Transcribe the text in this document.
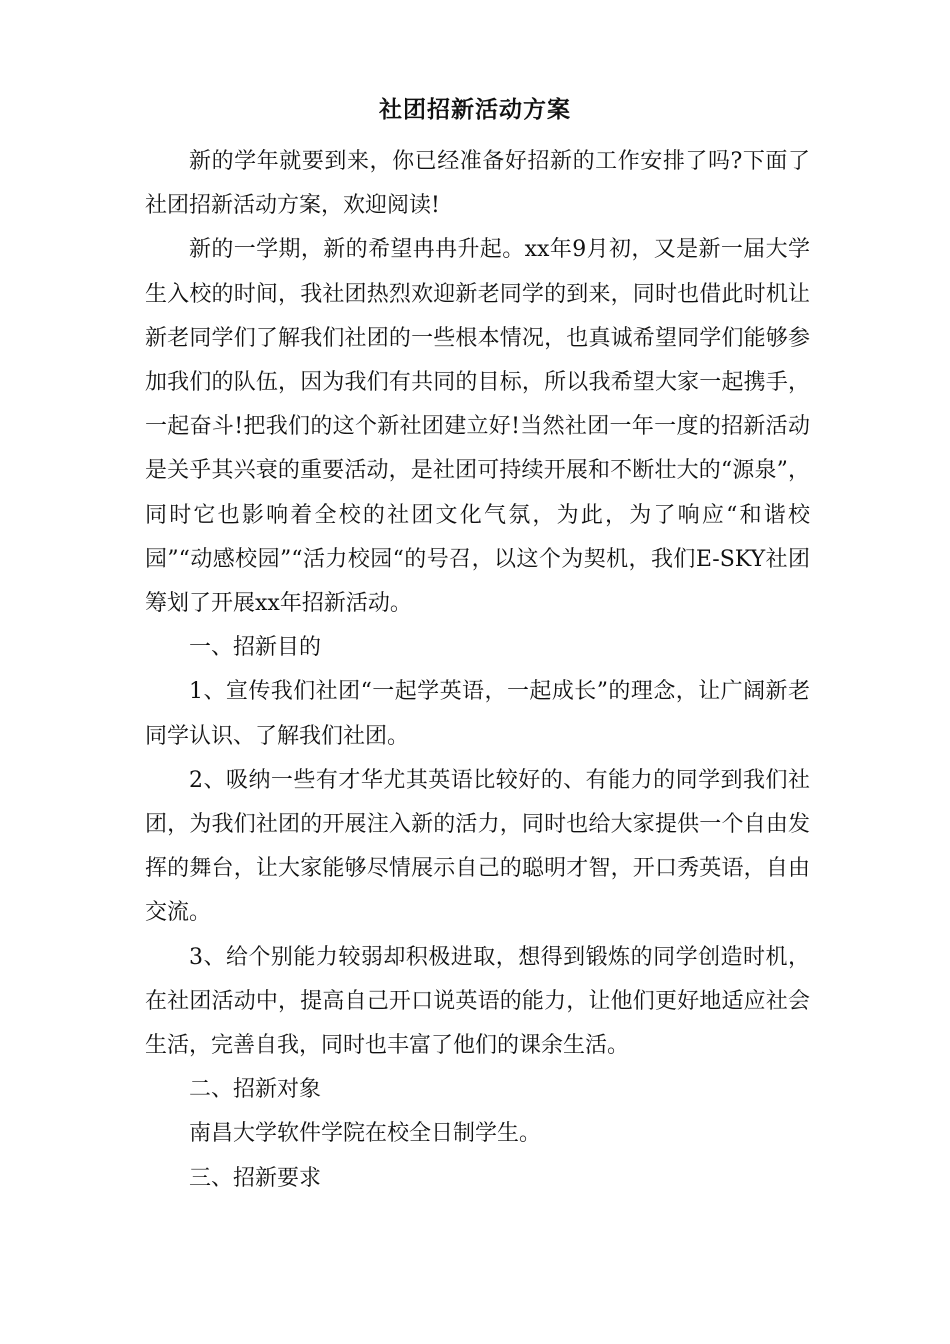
社团招新活动方案

新的学年就要到来，你已经准备好招新的工作安排了吗?下面了社团招新活动方案，欢迎阅读!

新的一学期，新的希望冉冉升起。xx年9月初，又是新一届大学生入校的时间，我社团热烈欢迎新老同学的到来，同时也借此时机让新老同学们了解我们社团的一些根本情况，也真诚希望同学们能够参加我们的队伍，因为我们有共同的目标，所以我希望大家一起携手，一起奋斗!把我们的这个新社团建立好!当然社团一年一度的招新活动是关乎其兴衰的重要活动，是社团可持续开展和不断壮大的“源泉”，同时它也影响着全校的社团文化气氛，为此，为了响应“和谐校园”“动感校园”“活力校园“的号召，以这个为契机，我们E-SKY社团筹划了开展xx年招新活动。

一、招新目的

1、宣传我们社团“一起学英语，一起成长”的理念，让广阔新老同学认识、了解我们社团。

2、吸纳一些有才华尤其英语比较好的、有能力的同学到我们社团，为我们社团的开展注入新的活力，同时也给大家提供一个自由发挥的舞台，让大家能够尽情展示自己的聪明才智，开口秀英语，自由交流。

3、给个别能力较弱却积极进取，想得到锻炼的同学创造时机，在社团活动中，提高自己开口说英语的能力，让他们更好地适应社会生活，完善自我，同时也丰富了他们的课余生活。

二、招新对象

南昌大学软件学院在校全日制学生。

三、招新要求
